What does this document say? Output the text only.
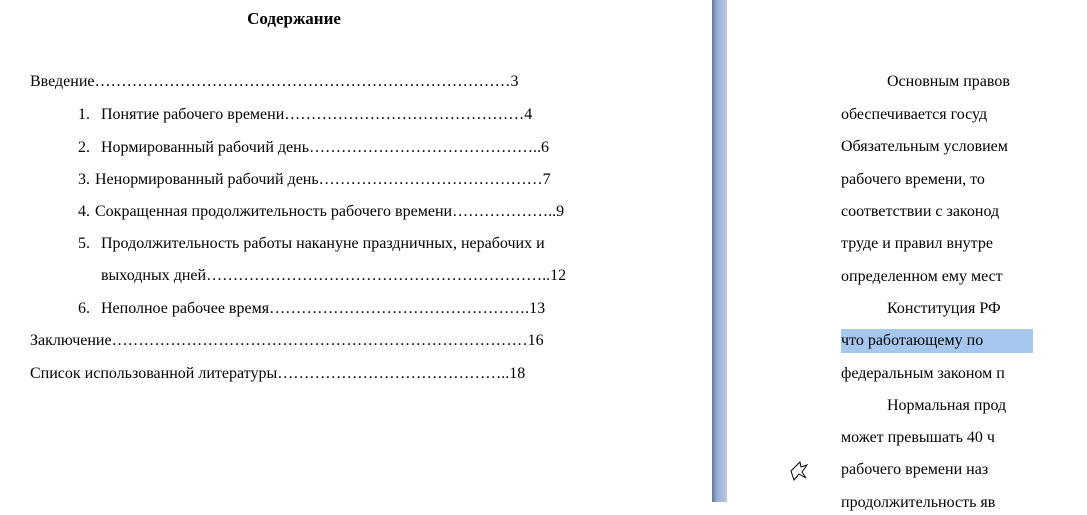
Содержание
Введение……………………………………………………………………3
1. Понятие рабочего времени………………………………………4
2. Нормированный рабочий день……………………………………..6
3. Ненормированный рабочий день……………………………………7
4. Сокращенная продолжительность рабочего времени………………..9
5. Продолжительность работы накануне праздничных, нерабочих и
выходных дней………………………………………………………..12
6. Неполное рабочее время………………………………………….13
Заключение……………………………………………………………………16
Список использованной литературы……………………………………..18
Основным правов
обеспечивается госуд
Обязательным условием
рабочего времени, то
соответствии с законод
труде и правил внутре
определенном ему мест
Конституция РФ
что работающему по
федеральным законом п
Нормальная прод
может превышать 40 ч
рабочего времени наз
продолжительность яв
